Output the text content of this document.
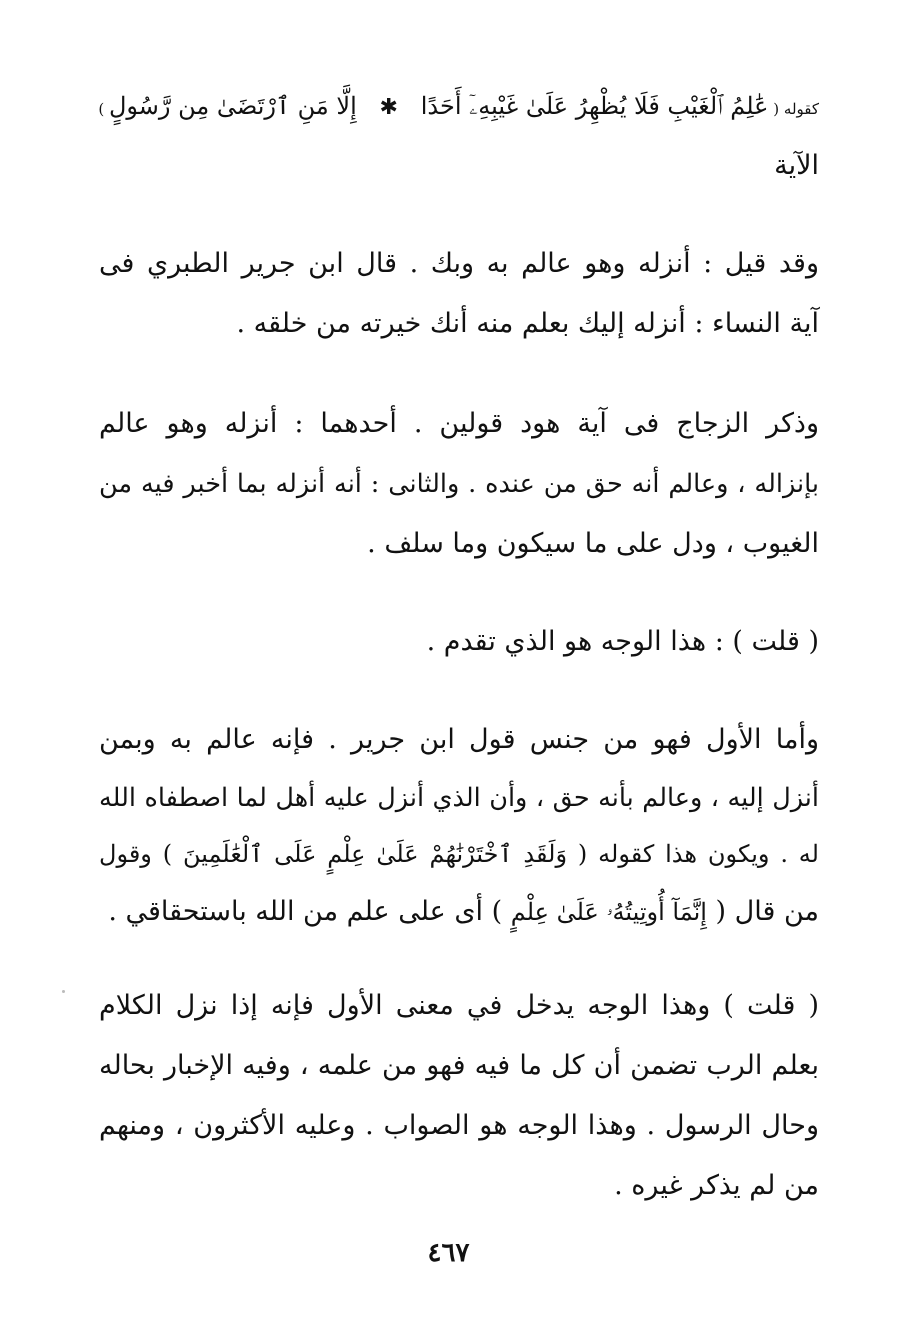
كقوله ( عَٰلِمُ ٱلْغَيْبِ فَلَا يُظْهِرُ عَلَىٰ غَيْبِهِۦٓ أَحَدًا ✱ إِلَّا مَنِ ٱرْتَضَىٰ مِن رَّسُولٍ )
الآية
وقد قيل : أنزله وهو عالم به وبك . قال ابن جرير الطبري فى
آية النساء : أنزله إليك بعلم منه أنك خيرته من خلقه .
وذكر الزجاج فى آية هود قولين . أحدهما : أنزله وهو عالم
بإنزاله ، وعالم أنه حق من عنده . والثانى : أنه أنزله بما أخبر فيه من
الغيوب ، ودل على ما سيكون وما سلف .
( قلت ) : هذا الوجه هو الذي تقدم .
وأما الأول فهو من جنس قول ابن جرير . فإنه عالم به وبمن
أنزل إليه ، وعالم بأنه حق ، وأن الذي أنزل عليه أهل لما اصطفاه الله
له . ويكون هذا كقوله ( وَلَقَدِ ٱخْتَرْنَٰهُمْ عَلَىٰ عِلْمٍ عَلَى ٱلْعَٰلَمِينَ ) وقول
من قال ( إِنَّمَآ أُوتِيتُهُۥ عَلَىٰ عِلْمٍ ) أى على علم من الله باستحقاقي .
( قلت ) وهذا الوجه يدخل في معنى الأول فإنه إذا نزل الكلام
بعلم الرب تضمن أن كل ما فيه فهو من علمه ، وفيه الإخبار بحاله
وحال الرسول . وهذا الوجه هو الصواب . وعليه الأكثرون ، ومنهم
من لم يذكر غيره .
٤٦٧
